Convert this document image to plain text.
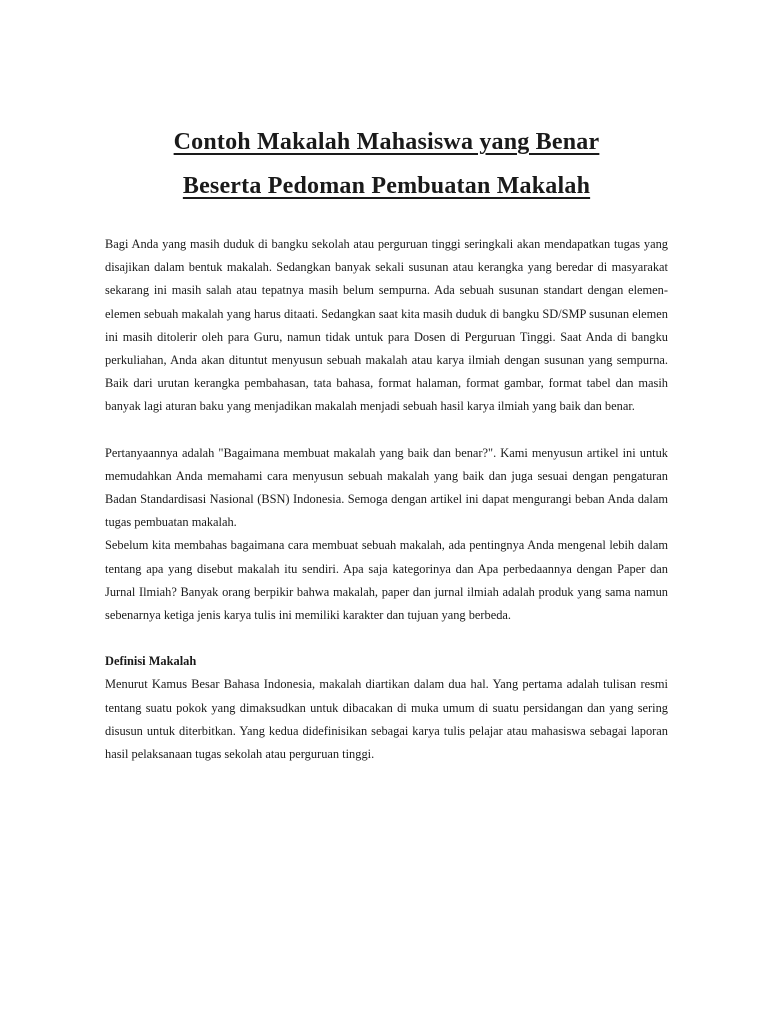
Contoh Makalah Mahasiswa yang Benar
Beserta Pedoman Pembuatan Makalah

Bagi Anda yang masih duduk di bangku sekolah atau perguruan tinggi seringkali akan mendapatkan tugas yang disajikan dalam bentuk makalah. Sedangkan banyak sekali susunan atau kerangka yang beredar di masyarakat sekarang ini masih salah atau tepatnya masih belum sempurna. Ada sebuah susunan standart dengan elemen-elemen sebuah makalah yang harus ditaati. Sedangkan saat kita masih duduk di bangku SD/SMP susunan elemen ini masih ditolerir oleh para Guru, namun tidak untuk para Dosen di Perguruan Tinggi. Saat Anda di bangku perkuliahan, Anda akan dituntut menyusun sebuah makalah atau karya ilmiah dengan susunan yang sempurna. Baik dari urutan kerangka pembahasan, tata bahasa, format halaman, format gambar, format tabel dan masih banyak lagi aturan baku yang menjadikan makalah menjadi sebuah hasil karya ilmiah yang baik dan benar.

Pertanyaannya adalah "Bagaimana membuat makalah yang baik dan benar?". Kami menyusun artikel ini untuk memudahkan Anda memahami cara menyusun sebuah makalah yang baik dan juga sesuai dengan pengaturan Badan Standardisasi Nasional (BSN) Indonesia. Semoga dengan artikel ini dapat mengurangi beban Anda dalam tugas pembuatan makalah.

Sebelum kita membahas bagaimana cara membuat sebuah makalah, ada pentingnya Anda mengenal lebih dalam tentang apa yang disebut makalah itu sendiri. Apa saja kategorinya dan Apa perbedaannya dengan Paper dan Jurnal Ilmiah? Banyak orang berpikir bahwa makalah, paper dan jurnal ilmiah adalah produk yang sama namun sebenarnya ketiga jenis karya tulis ini memiliki karakter dan tujuan yang berbeda.

Definisi Makalah

Menurut Kamus Besar Bahasa Indonesia, makalah diartikan dalam dua hal. Yang pertama adalah tulisan resmi tentang suatu pokok yang dimaksudkan untuk dibacakan di muka umum di suatu persidangan dan yang sering disusun untuk diterbitkan. Yang kedua didefinisikan sebagai karya tulis pelajar atau mahasiswa sebagai laporan hasil pelaksanaan tugas sekolah atau perguruan tinggi.
